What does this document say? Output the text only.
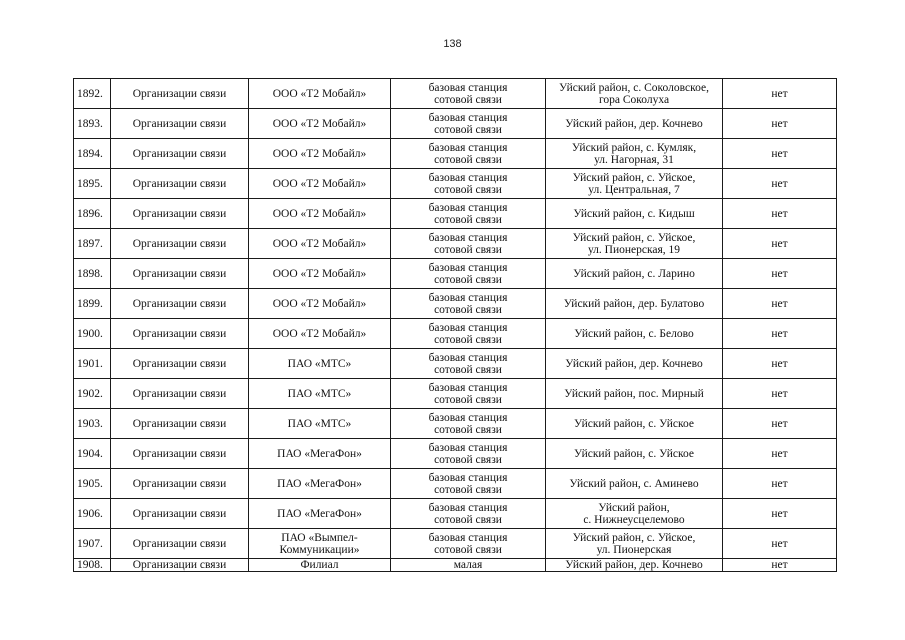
138
1892.	Организации связи	ООО «Т2 Мобайл»	базовая станция
сотовой связи	Уйский район, с. Соколовское,
гора Соколуха	нет
1893.	Организации связи	ООО «Т2 Мобайл»	базовая станция
сотовой связи	Уйский район, дер. Кочнево	нет
1894.	Организации связи	ООО «Т2 Мобайл»	базовая станция
сотовой связи	Уйский район, с. Кумляк,
ул. Нагорная, 31	нет
1895.	Организации связи	ООО «Т2 Мобайл»	базовая станция
сотовой связи	Уйский район, с. Уйское,
ул. Центральная, 7	нет
1896.	Организации связи	ООО «Т2 Мобайл»	базовая станция
сотовой связи	Уйский район, с. Кидыш	нет
1897.	Организации связи	ООО «Т2 Мобайл»	базовая станция
сотовой связи	Уйский район, с. Уйское,
ул. Пионерская, 19	нет
1898.	Организации связи	ООО «Т2 Мобайл»	базовая станция
сотовой связи	Уйский район, с. Ларино	нет
1899.	Организации связи	ООО «Т2 Мобайл»	базовая станция
сотовой связи	Уйский район, дер. Булатово	нет
1900.	Организации связи	ООО «Т2 Мобайл»	базовая станция
сотовой связи	Уйский район, с. Белово	нет
1901.	Организации связи	ПАО «МТС»	базовая станция
сотовой связи	Уйский район, дер. Кочнево	нет
1902.	Организации связи	ПАО «МТС»	базовая станция
сотовой связи	Уйский район, пос. Мирный	нет
1903.	Организации связи	ПАО «МТС»	базовая станция
сотовой связи	Уйский район, с. Уйское	нет
1904.	Организации связи	ПАО «МегаФон»	базовая станция
сотовой связи	Уйский район, с. Уйское	нет
1905.	Организации связи	ПАО «МегаФон»	базовая станция
сотовой связи	Уйский район, с. Аминево	нет
1906.	Организации связи	ПАО «МегаФон»	базовая станция
сотовой связи	Уйский район,
с. Нижнеусцелемово	нет
1907.	Организации связи	ПАО «Вымпел-
Коммуникации»	базовая станция
сотовой связи	Уйский район, с. Уйское,
ул. Пионерская	нет
1908.	Организации связи	Филиал	малая	Уйский район, дер. Кочнево	нет
